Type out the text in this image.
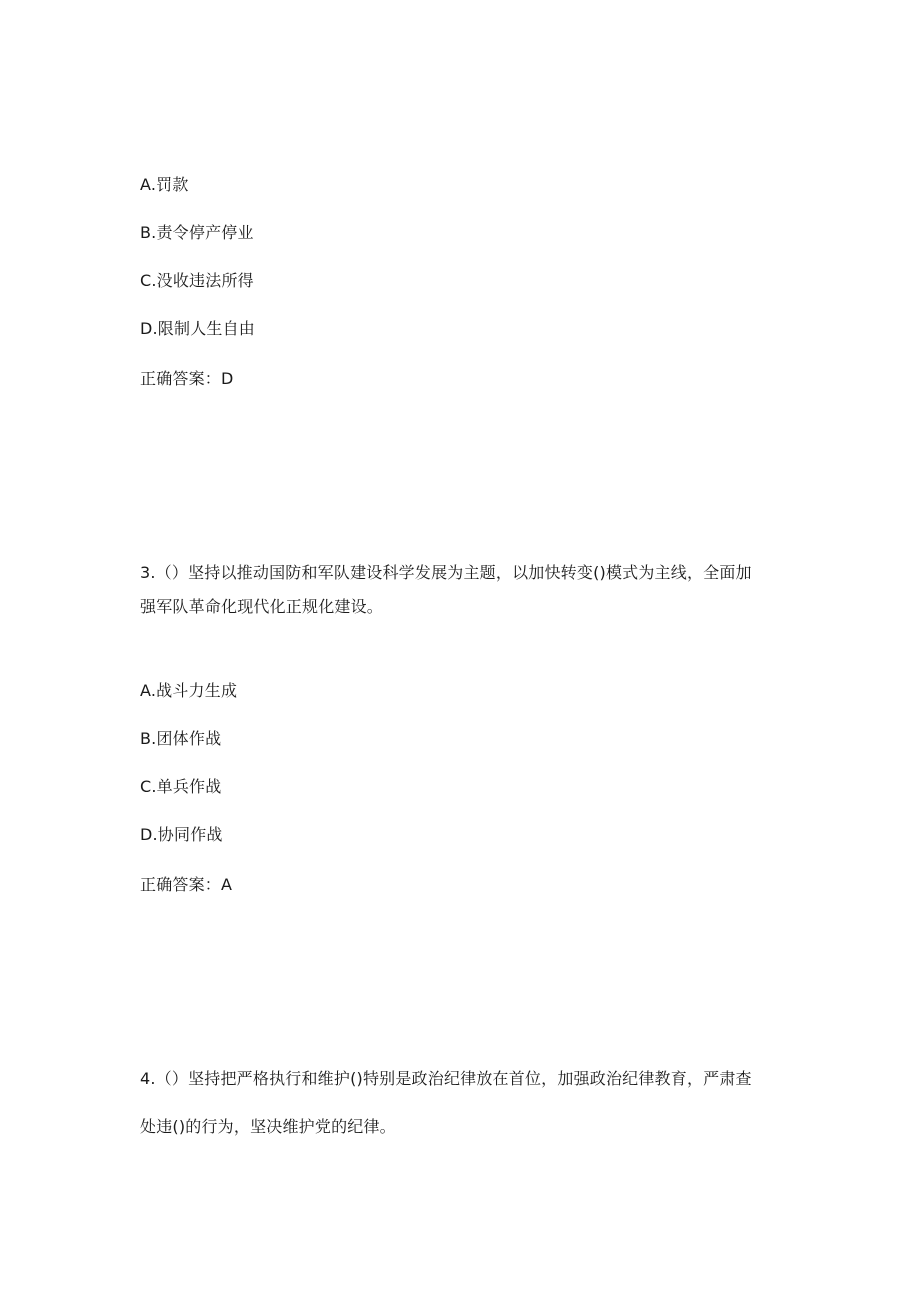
A.罚款
B.责令停产停业
C.没收违法所得
D.限制人生自由
正确答案：D
3.（）坚持以推动国防和军队建设科学发展为主题，以加快转变()模式为主线，全面加
强军队革命化现代化正规化建设。
A.战斗力生成
B.团体作战
C.单兵作战
D.协同作战
正确答案：A
4.（）坚持把严格执行和维护()特别是政治纪律放在首位，加强政治纪律教育，严肃查
处违()的行为，坚决维护党的纪律。
